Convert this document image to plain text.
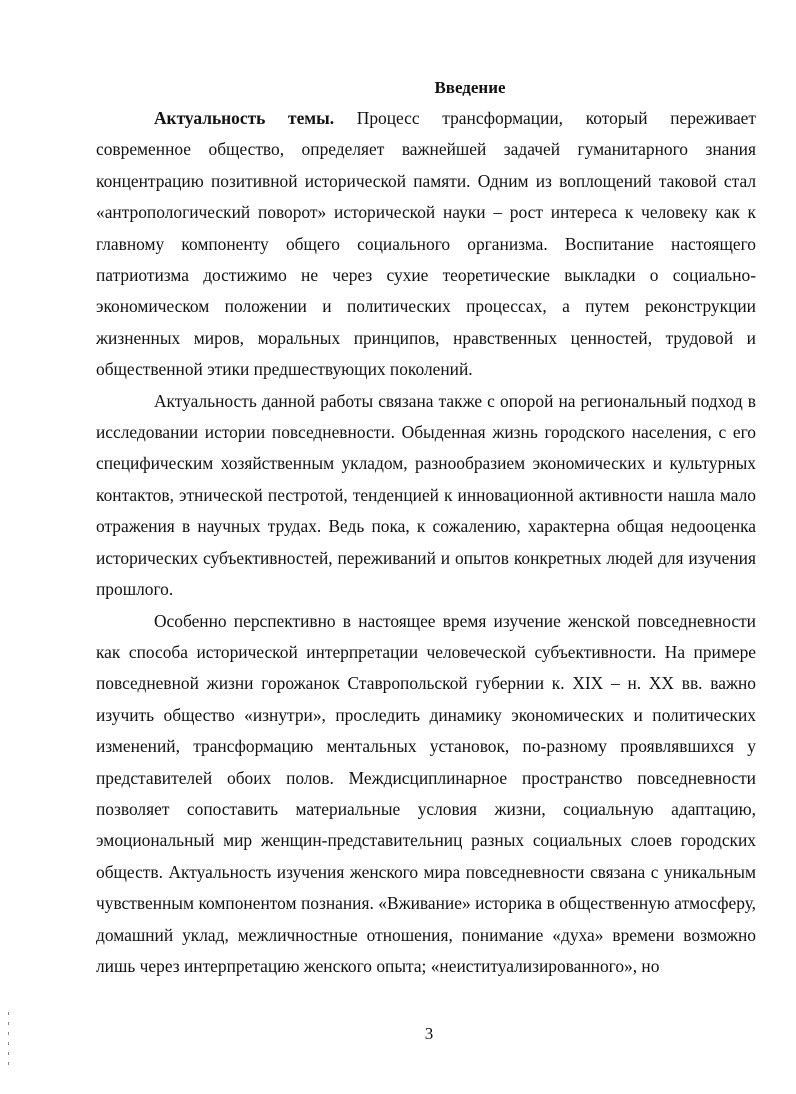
Введение

Актуальность темы. Процесс трансформации, который переживает современное общество, определяет важнейшей задачей гуманитарного знания концентрацию позитивной исторической памяти. Одним из воплощений таковой стал «антропологический поворот» исторической науки – рост интереса к человеку как к главному компоненту общего социального организма. Воспитание настоящего патриотизма достижимо не через сухие теоретические выкладки о социально-экономическом положении и политических процессах, а путем реконструкции жизненных миров, моральных принципов, нравственных ценностей, трудовой и общественной этики предшествующих поколений.

Актуальность данной работы связана также с опорой на региональный подход в исследовании истории повседневности. Обыденная жизнь городского населения, с его специфическим хозяйственным укладом, разнообразием экономических и культурных контактов, этнической пестротой, тенденцией к инновационной активности нашла мало отражения в научных трудах. Ведь пока, к сожалению, характерна общая недооценка исторических субъективностей, переживаний и опытов конкретных людей для изучения прошлого.

Особенно перспективно в настоящее время изучение женской повседневности как способа исторической интерпретации человеческой субъективности. На примере повседневной жизни горожанок Ставропольской губернии к. XIX – н. XX вв. важно изучить общество «изнутри», проследить динамику экономических и политических изменений, трансформацию ментальных установок, по-разному проявлявшихся у представителей обоих полов. Междисциплинарное пространство повседневности позволяет сопоставить материальные условия жизни, социальную адаптацию, эмоциональный мир женщин-представительниц разных социальных слоев городских обществ. Актуальность изучения женского мира повседневности связана с уникальным чувственным компонентом познания. «Вживание» историка в общественную атмосферу, домашний уклад, межличностные отношения, понимание «духа» времени возможно лишь через интерпретацию женского опыта; «неиституализированного», но

3
